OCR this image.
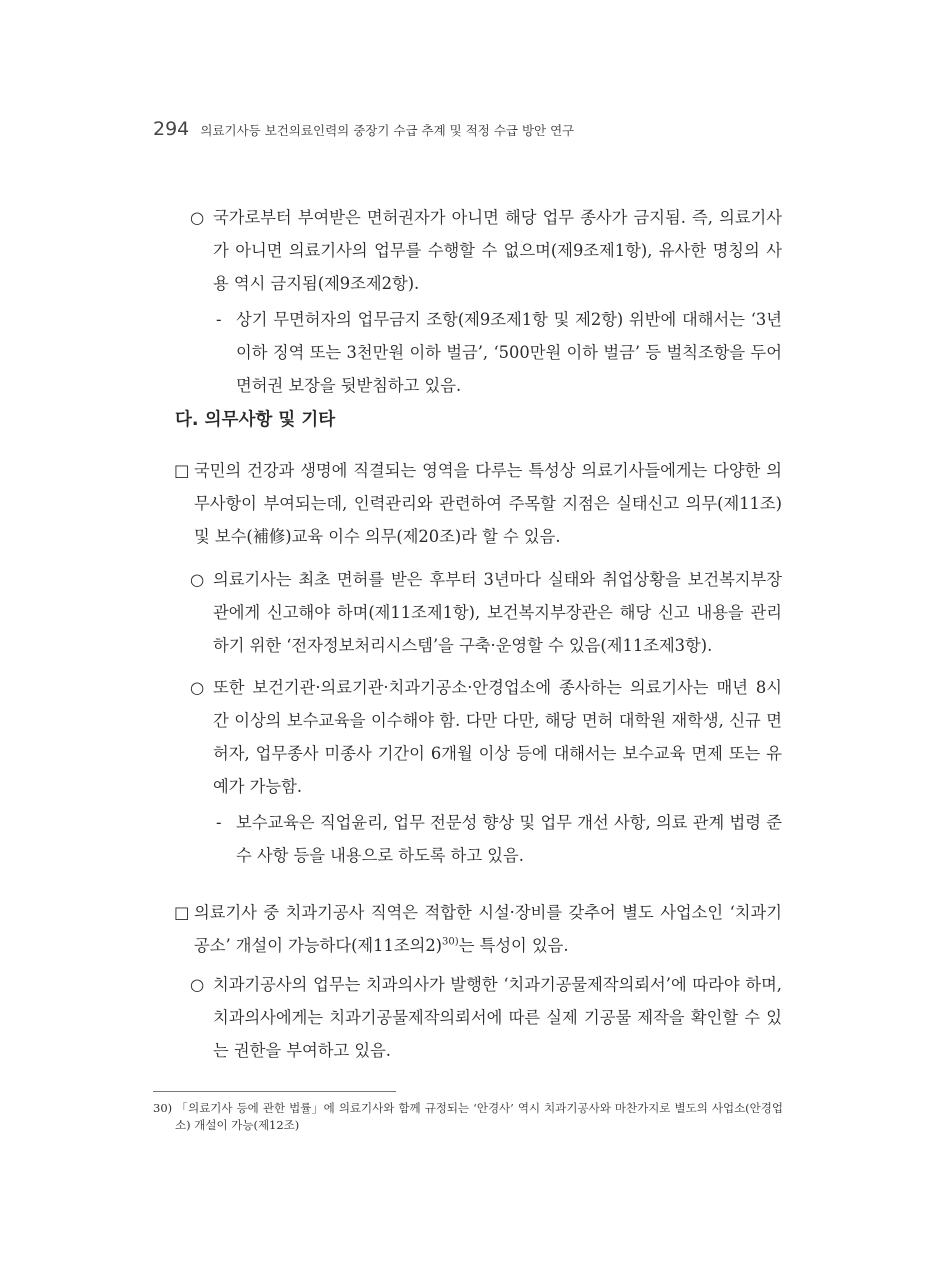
294 의료기사등 보건의료인력의 중장기 수급 추계 및 적정 수급 방안 연구
○ 국가로부터 부여받은 면허권자가 아니면 해당 업무 종사가 금지됨. 즉, 의료기사가 아니면 의료기사의 업무를 수행할 수 없으며(제9조제1항), 유사한 명칭의 사용 역시 금지됨(제9조제2항).
- 상기 무면허자의 업무금지 조항(제9조제1항 및 제2항) 위반에 대해서는 ‘3년 이하 징역 또는 3천만원 이하 벌금’, ‘500만원 이하 벌금’ 등 벌칙조항을 두어 면허권 보장을 뒷받침하고 있음.
다. 의무사항 및 기타
□ 국민의 건강과 생명에 직결되는 영역을 다루는 특성상 의료기사들에게는 다양한 의무사항이 부여되는데, 인력관리와 관련하여 주목할 지점은 실태신고 의무(제11조) 및 보수(補修)교육 이수 의무(제20조)라 할 수 있음.
○ 의료기사는 최초 면허를 받은 후부터 3년마다 실태와 취업상황을 보건복지부장관에게 신고해야 하며(제11조제1항), 보건복지부장관은 해당 신고 내용을 관리하기 위한 ‘전자정보처리시스템’을 구축·운영할 수 있음(제11조제3항).
○ 또한 보건기관·의료기관·치과기공소·안경업소에 종사하는 의료기사는 매년 8시간 이상의 보수교육을 이수해야 함. 다만 다만, 해당 면허 대학원 재학생, 신규 면허자, 업무종사 미종사 기간이 6개월 이상 등에 대해서는 보수교육 면제 또는 유예가 가능함.
- 보수교육은 직업윤리, 업무 전문성 향상 및 업무 개선 사항, 의료 관계 법령 준수 사항 등을 내용으로 하도록 하고 있음.
□ 의료기사 중 치과기공사 직역은 적합한 시설·장비를 갖추어 별도 사업소인 ‘치과기공소’ 개설이 가능하다(제11조의2)$^{30)}$는 특성이 있음.
○ 치과기공사의 업무는 치과의사가 발행한 ‘치과기공물제작의뢰서’에 따라야 하며, 치과의사에게는 치과기공물제작의뢰서에 따른 실제 기공물 제작을 확인할 수 있는 권한을 부여하고 있음.
30) 「의료기사 등에 관한 법률」에 의료기사와 함께 규정되는 ‘안경사’ 역시 치과기공사와 마찬가지로 별도의 사업소(안경업소) 개설이 가능(제12조)
